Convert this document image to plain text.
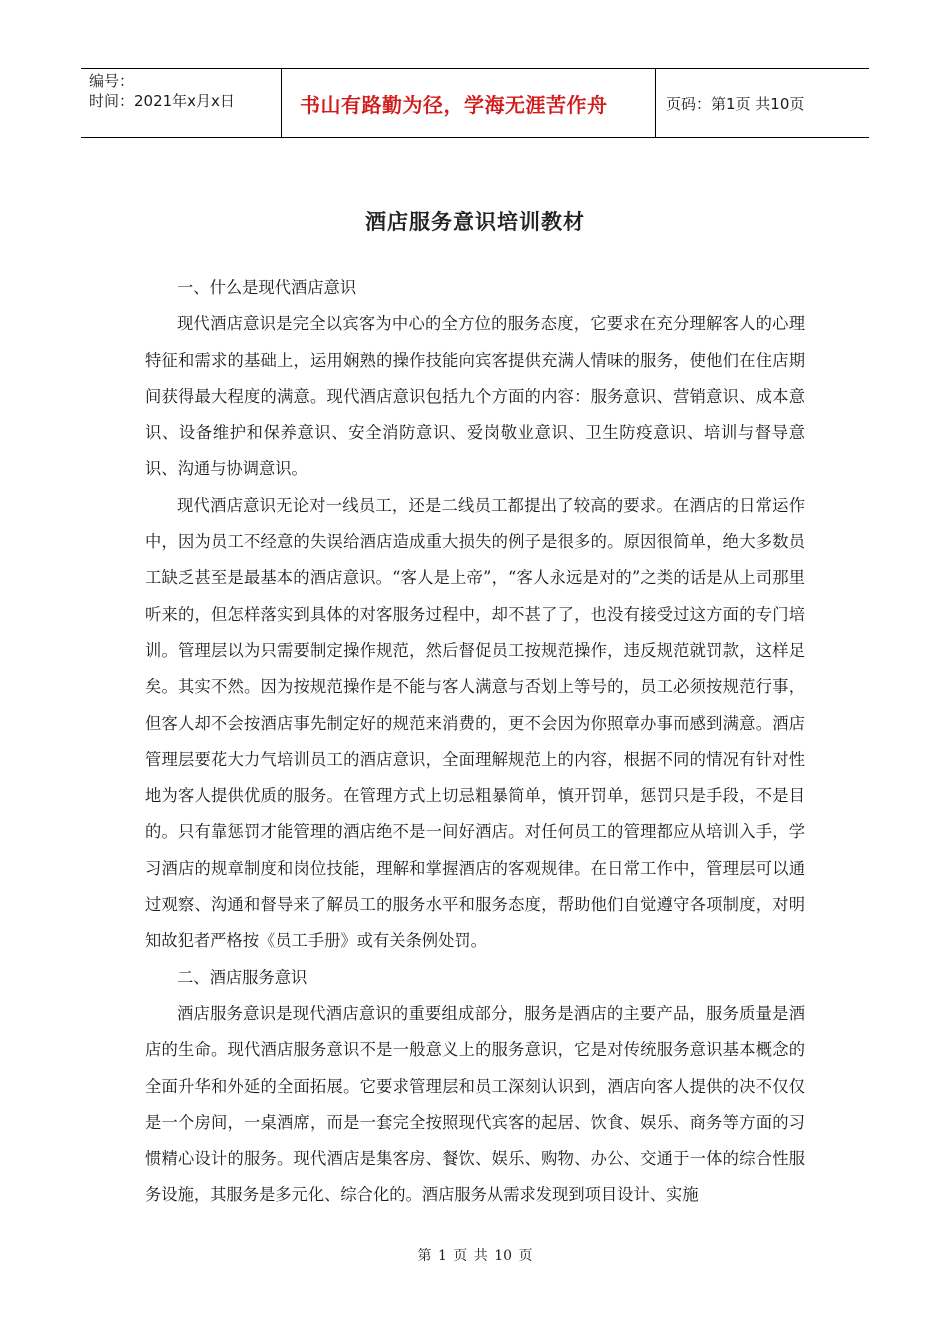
编号：
时间：2021年x月x日	书山有路勤为径，学海无涯苦作舟	页码：第1页 共10页
酒店服务意识培训教材

一、什么是现代酒店意识

现代酒店意识是完全以宾客为中心的全方位的服务态度，它要求在充分理解客人的心理特征和需求的基础上，运用娴熟的操作技能向宾客提供充满人情味的服务，使他们在住店期间获得最大程度的满意。现代酒店意识包括九个方面的内容：服务意识、营销意识、成本意识、设备维护和保养意识、安全消防意识、爱岗敬业意识、卫生防疫意识、培训与督导意识、沟通与协调意识。

现代酒店意识无论对一线员工，还是二线员工都提出了较高的要求。在酒店的日常运作中，因为员工不经意的失误给酒店造成重大损失的例子是很多的。原因很简单，绝大多数员工缺乏甚至是最基本的酒店意识。“客人是上帝”，“客人永远是对的”之类的话是从上司那里听来的，但怎样落实到具体的对客服务过程中，却不甚了了，也没有接受过这方面的专门培训。管理层以为只需要制定操作规范，然后督促员工按规范操作，违反规范就罚款，这样足矣。其实不然。因为按规范操作是不能与客人满意与否划上等号的，员工必须按规范行事，但客人却不会按酒店事先制定好的规范来消费的，更不会因为你照章办事而感到满意。酒店管理层要花大力气培训员工的酒店意识，全面理解规范上的内容，根据不同的情况有针对性地为客人提供优质的服务。在管理方式上切忌粗暴简单，慎开罚单，惩罚只是手段，不是目的。只有靠惩罚才能管理的酒店绝不是一间好酒店。对任何员工的管理都应从培训入手，学习酒店的规章制度和岗位技能，理解和掌握酒店的客观规律。在日常工作中，管理层可以通过观察、沟通和督导来了解员工的服务水平和服务态度，帮助他们自觉遵守各项制度，对明知故犯者严格按《员工手册》或有关条例处罚。

二、酒店服务意识

酒店服务意识是现代酒店意识的重要组成部分，服务是酒店的主要产品，服务质量是酒店的生命。现代酒店服务意识不是一般意义上的服务意识，它是对传统服务意识基本概念的全面升华和外延的全面拓展。它要求管理层和员工深刻认识到，酒店向客人提供的决不仅仅是一个房间，一桌酒席，而是一套完全按照现代宾客的起居、饮食、娱乐、商务等方面的习惯精心设计的服务。现代酒店是集客房、餐饮、娱乐、购物、办公、交通于一体的综合性服务设施，其服务是多元化、综合化的。酒店服务从需求发现到项目设计、实施

第 1 页 共 10 页
